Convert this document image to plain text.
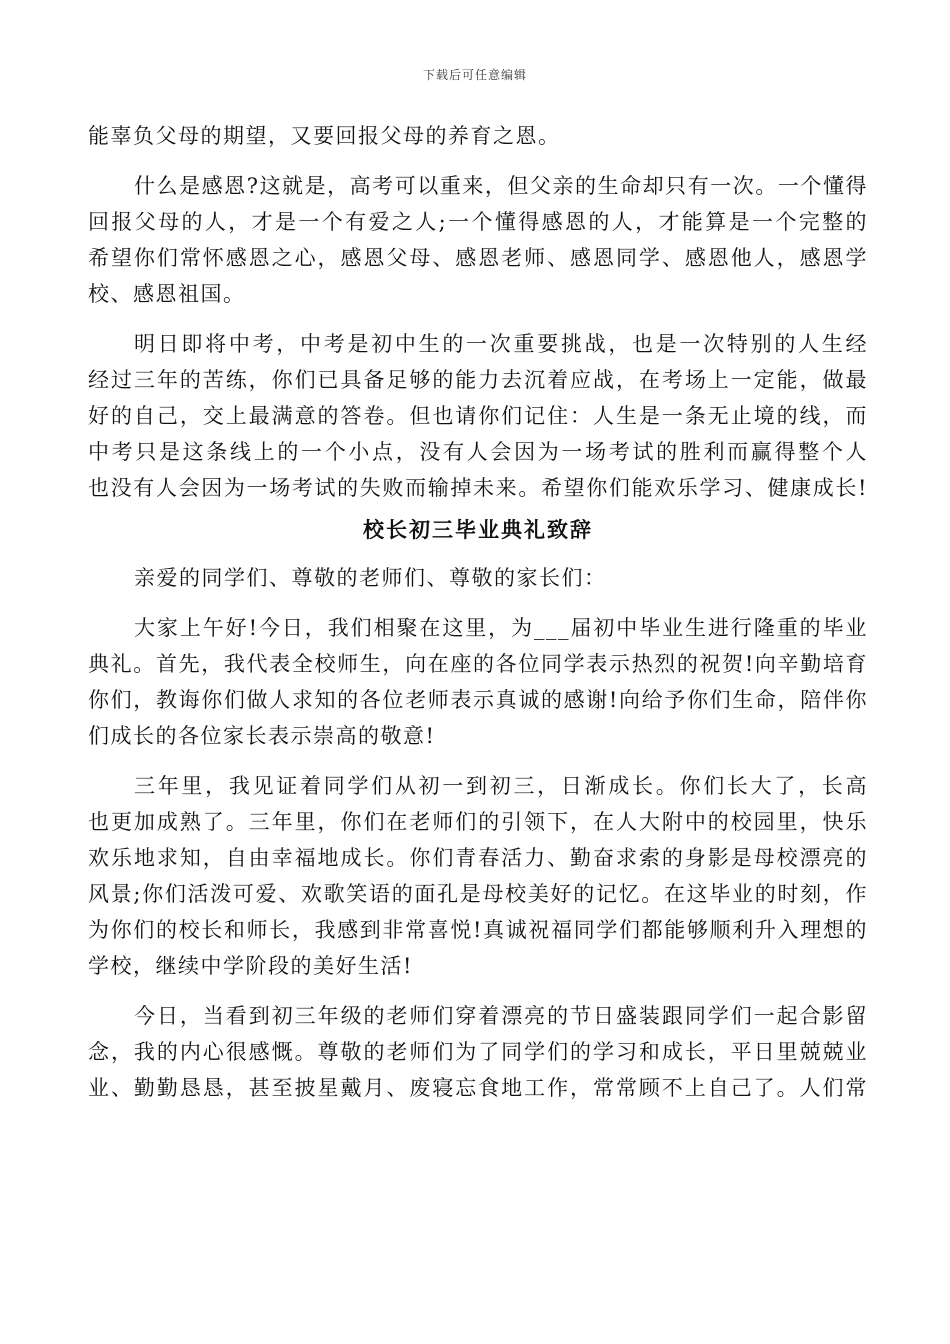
下载后可任意编辑
能辜负父母的期望，又要回报父母的养育之恩。
什么是感恩?这就是，高考可以重来，但父亲的生命却只有一次。一个懂得
回报父母的人，才是一个有爱之人;一个懂得感恩的人，才能算是一个完整的
希望你们常怀感恩之心，感恩父母、感恩老师、感恩同学、感恩他人，感恩学
校、感恩祖国。
明日即将中考，中考是初中生的一次重要挑战，也是一次特别的人生经
经过三年的苦练，你们已具备足够的能力去沉着应战，在考场上一定能，做最
好的自己，交上最满意的答卷。但也请你们记住：人生是一条无止境的线，而
中考只是这条线上的一个小点，没有人会因为一场考试的胜利而赢得整个人
也没有人会因为一场考试的失败而输掉未来。希望你们能欢乐学习、健康成长!
校长初三毕业典礼致辞
亲爱的同学们、尊敬的老师们、尊敬的家长们：
大家上午好!今日，我们相聚在这里，为___届初中毕业生进行隆重的毕业
典礼。首先，我代表全校师生，向在座的各位同学表示热烈的祝贺!向辛勤培育
你们，教诲你们做人求知的各位老师表示真诚的感谢!向给予你们生命，陪伴你
们成长的各位家长表示崇高的敬意!
三年里，我见证着同学们从初一到初三，日渐成长。你们长大了，长高
也更加成熟了。三年里，你们在老师们的引领下，在人大附中的校园里，快乐
欢乐地求知，自由幸福地成长。你们青春活力、勤奋求索的身影是母校漂亮的
风景;你们活泼可爱、欢歌笑语的面孔是母校美好的记忆。在这毕业的时刻，作
为你们的校长和师长，我感到非常喜悦!真诚祝福同学们都能够顺利升入理想的
学校，继续中学阶段的美好生活!
今日，当看到初三年级的老师们穿着漂亮的节日盛装跟同学们一起合影留
念，我的内心很感慨。尊敬的老师们为了同学们的学习和成长，平日里兢兢业
业、勤勤恳恳，甚至披星戴月、废寝忘食地工作，常常顾不上自己了。人们常
